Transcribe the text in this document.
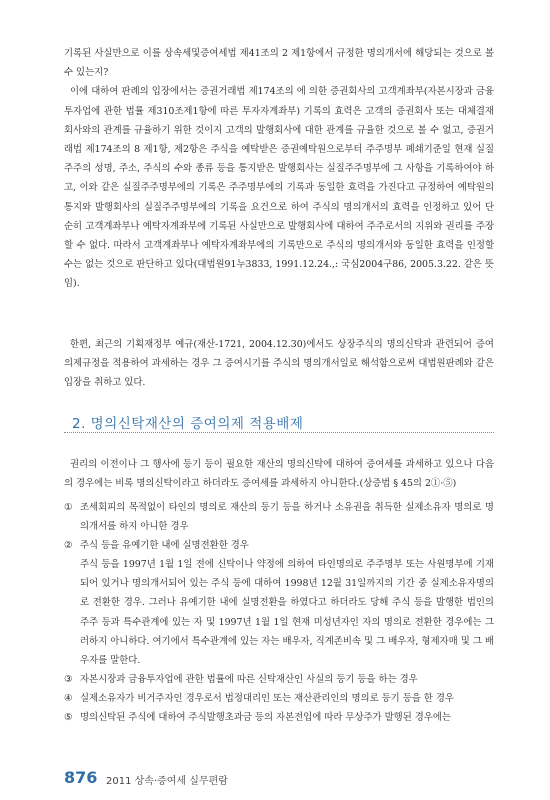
기록된 사실만으로 이를 상속세및증여세법 제41조의 2 제1항에서 규정한 명의개서에 해당되는 것으로 볼 수 있는지?

이에 대하여 판례의 입장에서는 증권거래법 제174조의 에 의한 증권회사의 고객계좌부(자본시장과 금융투자업에 관한 법률 제310조제1항에 따른 투자자계좌부) 기록의 효력은 고객의 증권회사 또는 대체결재회사와의 관계를 규율하기 위한 것이지 고객의 발행회사에 대한 관계를 규율한 것으로 볼 수 없고, 증권거래법 제174조의 8 제1항, 제2항은 주식을 예탁받은 증권예탁원으로부터 주주명부 폐쇄기준일 현재 실질주주의 성명, 주소, 주식의 수와 종류 등을 통지받은 발행회사는 실질주주명부에 그 사항을 기록하여야 하고, 이와 같은 실질주주명부에의 기록은 주주명부에의 기록과 동일한 효력을 가진다고 규정하여 예탁원의 통지와 발행회사의 실질주주명부에의 기록을 요건으로 하여 주식의 명의개서의 효력을 인정하고 있어 단순히 고객계좌부나 예탁자계좌부에 기록된 사실만으로 발행회사에 대하여 주주로서의 지위와 권리를 주장할 수 없다. 따라서 고객계좌부나 예탁자계좌부에의 기록만으로 주식의 명의개서와 동일한 효력을 인정할 수는 없는 것으로 판단하고 있다(대법원91누3833, 1991.12.24.,: 국심2004구86, 2005.3.22. 같은 뜻임).

한편, 최근의 기획재정부 예규(재산-1721, 2004.12.30)에서도 상장주식의 명의신탁과 관련되어 증여의제규정을 적용하여 과세하는 경우 그 증여시기를 주식의 명의개서일로 해석함으로써 대법원판례와 같은 입장을 취하고 있다.

2. 명의신탁재산의 증여의제 적용배제

권리의 이전이나 그 행사에 등기 등이 필요한 재산의 명의신탁에 대하여 증여세를 과세하고 있으나 다음의 경우에는 비록 명의신탁이라고 하더라도 증여세를 과세하지 아니한다.(상증법 § 45의 2①·⑤)

① 조세회피의 목적없이 타인의 명의로 재산의 등기 등을 하거나 소유권을 취득한 실제소유자 명의로 명의개서를 하지 아니한 경우
② 주식 등을 유예기한 내에 실명전환한 경우
주식 등을 1997년 1월 1일 전에 신탁이나 약정에 의하여 타인명의로 주주명부 또는 사원명부에 기재되어 있거나 명의개서되어 있는 주식 등에 대하여 1998년 12월 31일까지의 기간 중 실제소유자명의로 전환한 경우. 그러나 유예기한 내에 실명전환을 하였다고 하더라도 당해 주식 등을 발행한 법인의 주주 등과 특수관계에 있는 자 및 1997년 1월 1일 현재 미성년자인 자의 명의로 전환한 경우에는 그러하지 아니하다. 여기에서 특수관계에 있는 자는 배우자, 직계존비속 및 그 배우자, 형제자매 및 그 배우자를 말한다.
③ 자본시장과 금융투자업에 관한 법률에 따른 신탁재산인 사실의 등기 등을 하는 경우
④ 실제소유자가 비거주자인 경우로서 법정대리인 또는 재산관리인의 명의로 등기 등을 한 경우
⑤ 명의신탁된 주식에 대하여 주식발행초과금 등의 자본전입에 따라 무상주가 발행된 경우에는
876 2011 상속·증여세 실무편람
